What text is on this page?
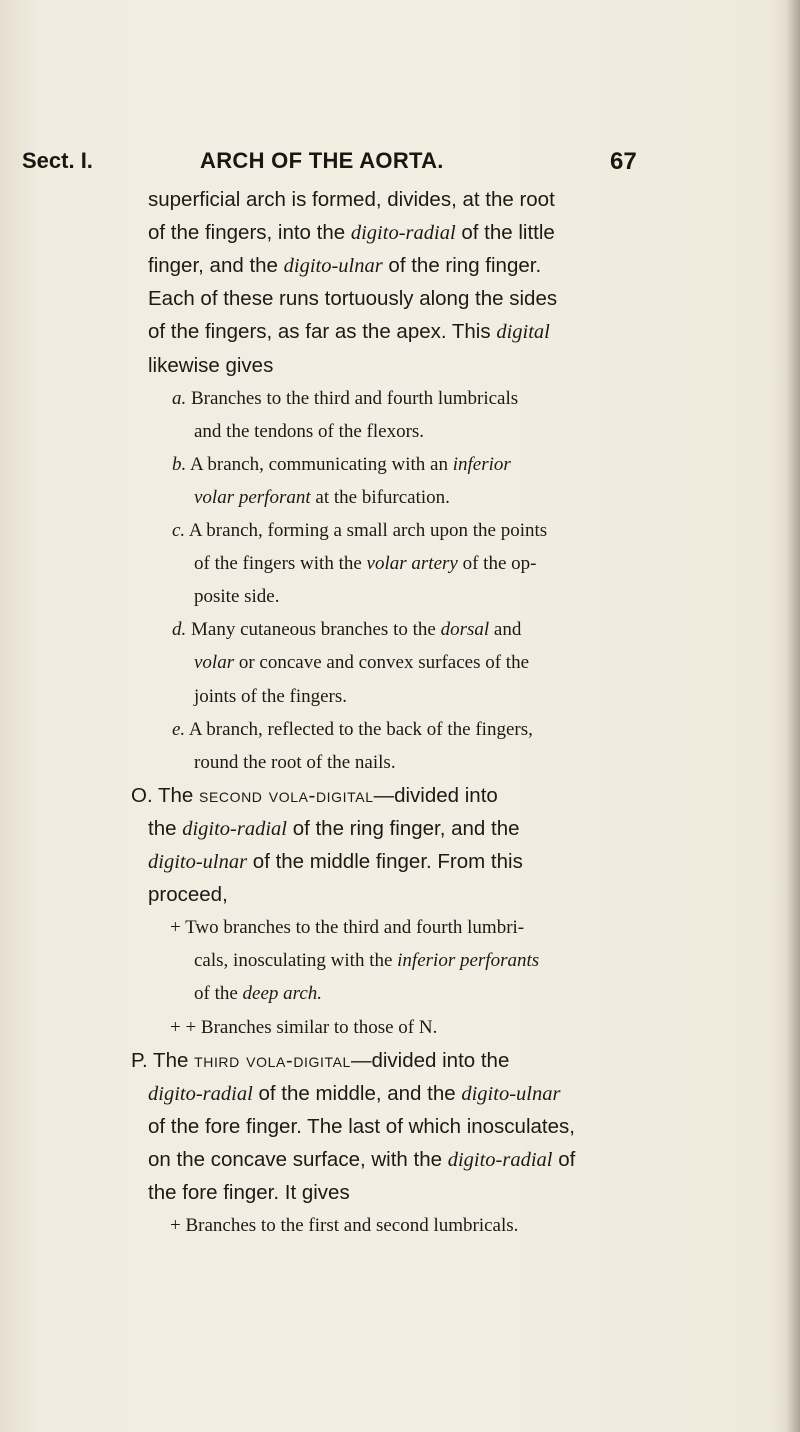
Sect. I.	ARCH OF THE AORTA.	67
superficial arch is formed, divides, at the root
of the fingers, into the digito-radial of the little
finger, and the digito-ulnar of the ring finger.
Each of these runs tortuously along the sides
of the fingers, as far as the apex. This digital
likewise gives
a. Branches to the third and fourth lumbricals
and the tendons of the flexors.
b. A branch, communicating with an inferior
volar perforant at the bifurcation.
c. A branch, forming a small arch upon the points
of the fingers with the volar artery of the op-
posite side.
d. Many cutaneous branches to the dorsal and
volar or concave and convex surfaces of the
joints of the fingers.
e. A branch, reflected to the back of the fingers,
round the root of the nails.
O. The second vola-digital—divided into
the digito-radial of the ring finger, and the
digito-ulnar of the middle finger. From this
proceed,
+ Two branches to the third and fourth lumbri-
cals, inosculating with the inferior perforants
of the deep arch.
+ + Branches similar to those of N.
P. The third vola-digital—divided into the
digito-radial of the middle, and the digito-ulnar
of the fore finger. The last of which inosculates,
on the concave surface, with the digito-radial of
the fore finger. It gives
+ Branches to the first and second lumbricals.
